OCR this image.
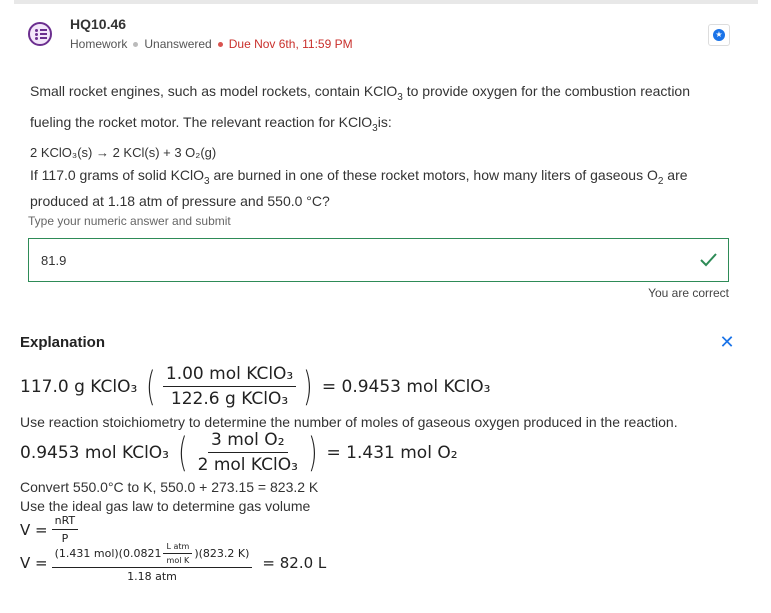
HQ10.46
Homework Unanswered Due Nov 6th, 11:59 PM
★

Small rocket engines, such as model rockets, contain KClO$_3$ to provide oxygen for the combustion reaction

fueling the rocket motor. The relevant reaction for KClO$_3$is:

2 KClO₃(s) → 2 KCl(s) + 3 O₂(g)

If 117.0 grams of solid KClO$_3$ are burned in one of these rocket motors, how many liters of gaseous $O_2$ are

produced at 1.18 atm of pressure and 550.0 °C?

Type your numeric answer and submit
81.9
You are correct
Explanation	✕
117.0 g KClO₃ ( $\frac{\text{1.00 mol KClO₃}}{\text{122.6 g KClO₃}}$ ) = 0.9453 mol KClO₃
Use reaction stoichiometry to determine the number of moles of gaseous oxygen produced in the reaction.
0.9453 mol KClO₃ ( $\frac{\text{3 mol O₂}}{\text{2 mol KClO₃}}$ ) = 1.431 mol O₂
Convert 550.0°C to K, 550.0 + 273.15 = 823.2 K
Use the ideal gas law to determine gas volume
$V = \frac{\text{nRT}}{P}$
V = (1.431 $mol)(0.0821 \frac{\text{L atm}}{\text{mol K}} )(823.2$ K)
1.18 atm
= 82.0 L
